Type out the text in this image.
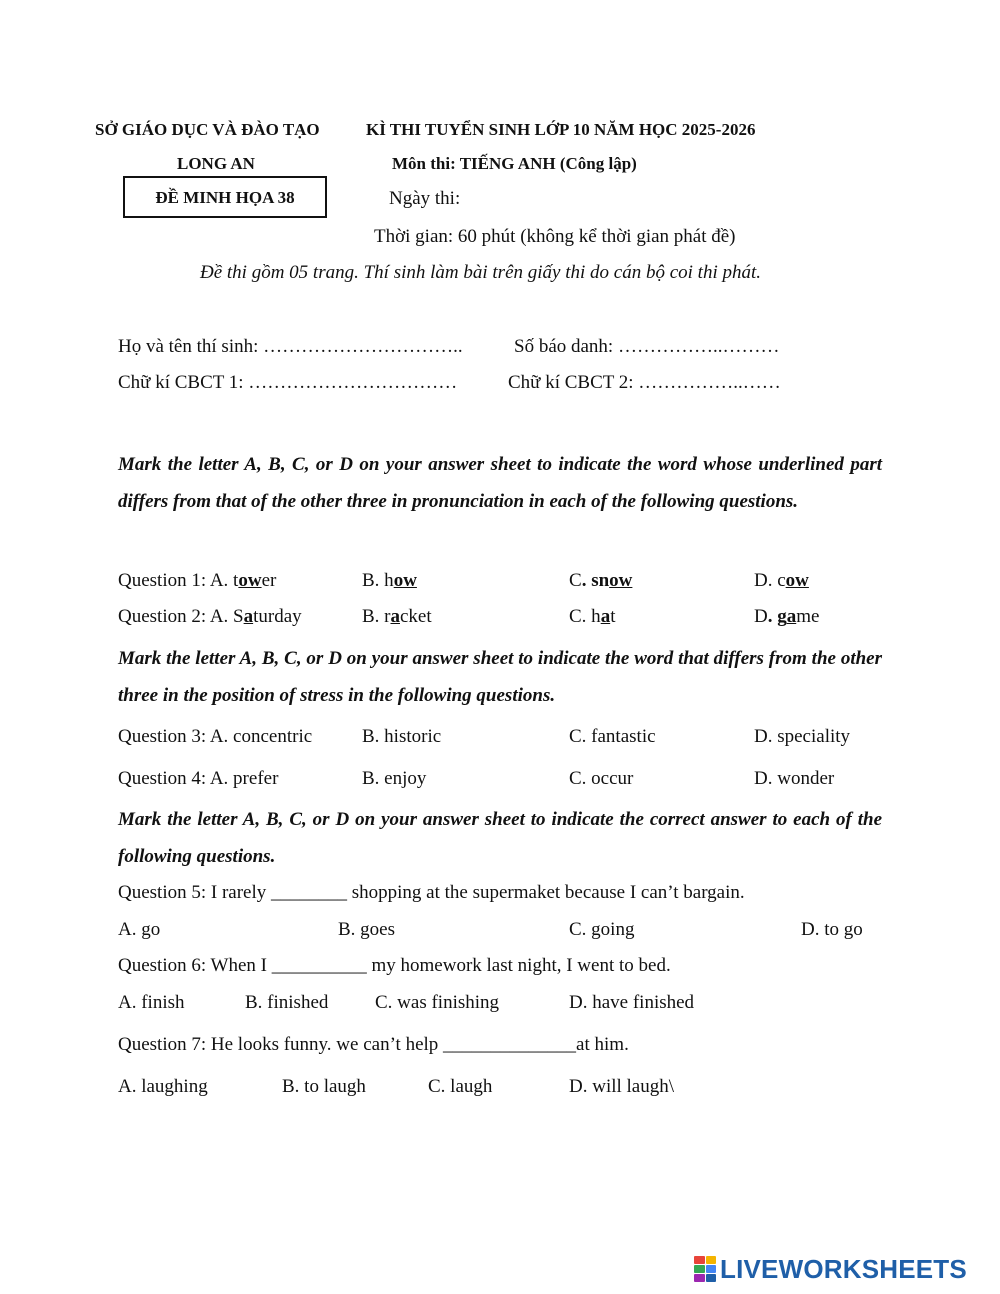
SỞ GIÁO DỤC VÀ ĐÀO TẠO	KÌ THI TUYỂN SINH LỚP 10 NĂM HỌC 2025-2026
LONG AN	Môn thi: TIẾNG ANH (Công lập)
ĐỀ MINH HỌA 38	Ngày thi:
Thời gian: 60 phút (không kể thời gian phát đề)
Đề thi gồm 05 trang. Thí sinh làm bài trên giấy thi do cán bộ coi thi phát.
Họ và tên thí sinh: …………………………..	Số báo danh: ……………..………
Chữ kí CBCT 1: ……………………………	Chữ kí CBCT 2: ……………..……
Mark the letter A, B, C, or D on your answer sheet to indicate the word whose underlined part differs from that of the other three in pronunciation in each of the following questions.
Question 1: A. tower	B. how	C. snow	D. cow
Question 2: A. Saturday	B. racket	C. hat	D. game
Mark the letter A, B, C, or D on your answer sheet to indicate the word that differs from the other three in the position of stress in the following questions.
Question 3: A. concentric	B. historic	C. fantastic	D. speciality
Question 4: A. prefer	B. enjoy	C. occur	D. wonder
Mark the letter A, B, C, or D on your answer sheet to indicate the correct answer to each of the following questions.
Question 5: I rarely ________ shopping at the supermaket because I can’t bargain.
A. go	B. goes	C. going	D. to go
Question 6: When I __________ my homework last night, I went to bed.
A. finish	B. finished C. was finishing	D. have finished
Question 7: He looks funny. we can’t help ______________at him.
A. laughing	B. to laugh	C. laugh	D. will laugh\
LIVEWORKSHEETS
